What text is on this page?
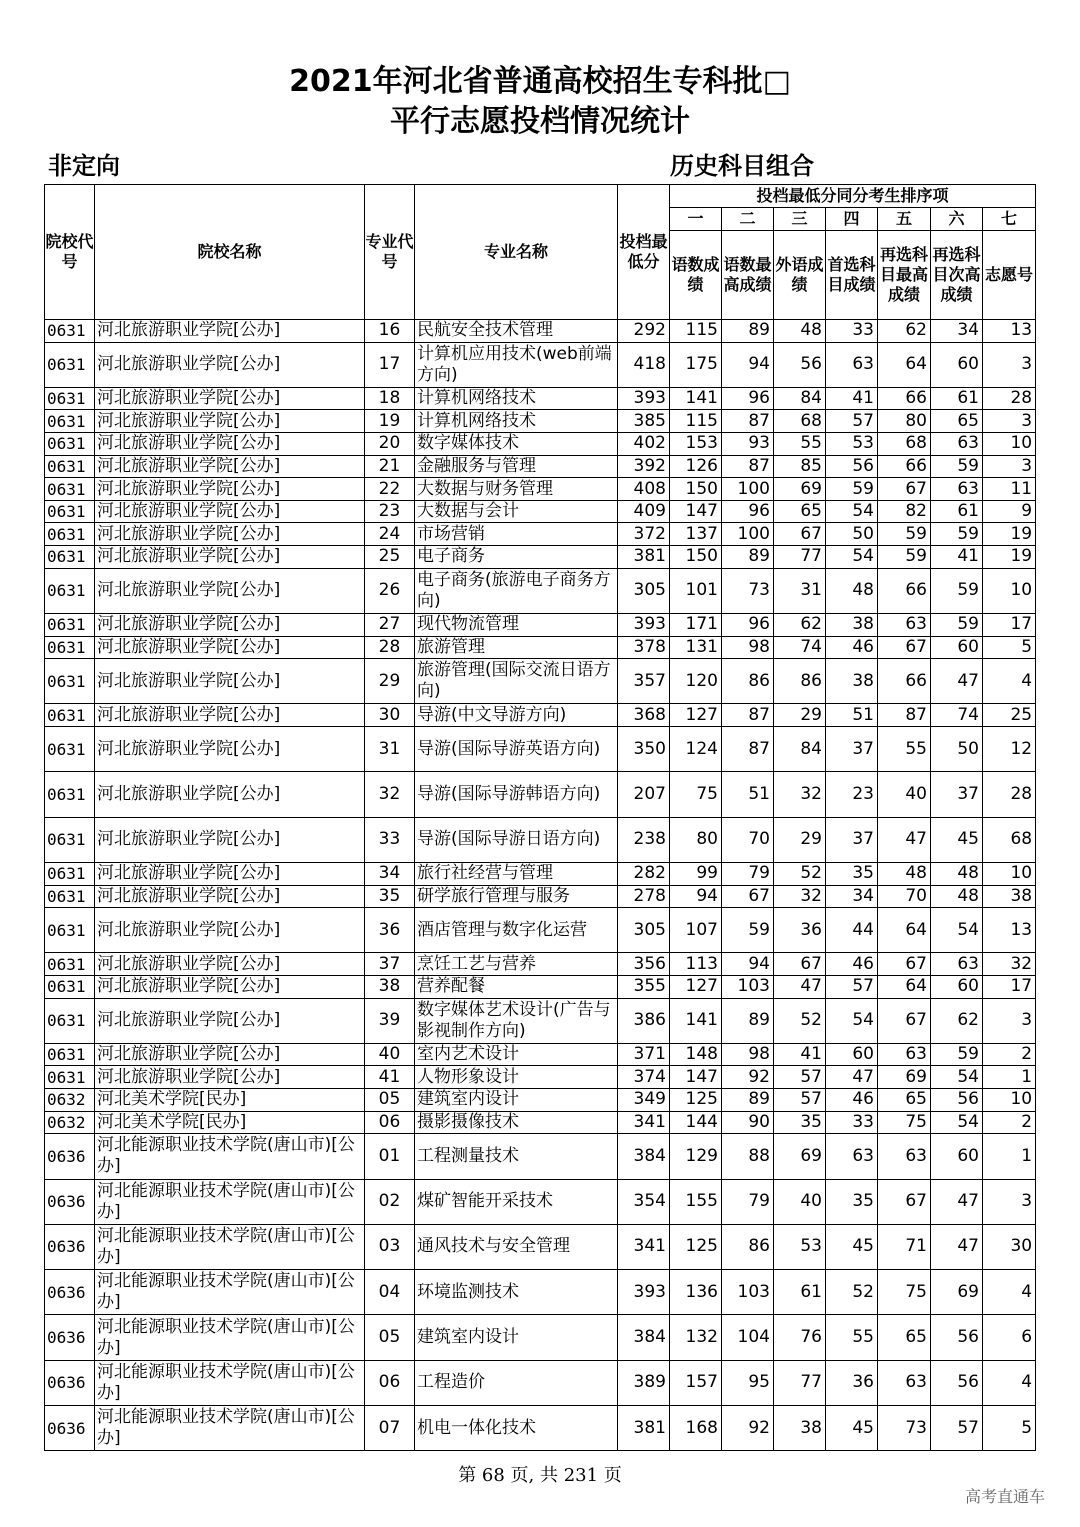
2021年河北省普通高校招生专科批□
平行志愿投档情况统计
非定向	历史科目组合
院校代号	院校名称	专业代号	专业名称	投档最低分	投档最低分同分考生排序项						
					一	二	三	四	五	六	七
					语数成绩	语数最高成绩	外语成绩	首选科目成绩	再选科目最高成绩	再选科目次高成绩	志愿号
0631	河北旅游职业学院[公办]	16	民航安全技术管理	292	115	89	48	33	62	34	13
0631	河北旅游职业学院[公办]	17	计算机应用技术(web前端方向)	418	175	94	56	63	64	60	3
0631	河北旅游职业学院[公办]	18	计算机网络技术	393	141	96	84	41	66	61	28
0631	河北旅游职业学院[公办]	19	计算机网络技术	385	115	87	68	57	80	65	3
0631	河北旅游职业学院[公办]	20	数字媒体技术	402	153	93	55	53	68	63	10
0631	河北旅游职业学院[公办]	21	金融服务与管理	392	126	87	85	56	66	59	3
0631	河北旅游职业学院[公办]	22	大数据与财务管理	408	150	100	69	59	67	63	11
0631	河北旅游职业学院[公办]	23	大数据与会计	409	147	96	65	54	82	61	9
0631	河北旅游职业学院[公办]	24	市场营销	372	137	100	67	50	59	59	19
0631	河北旅游职业学院[公办]	25	电子商务	381	150	89	77	54	59	41	19
0631	河北旅游职业学院[公办]	26	电子商务(旅游电子商务方向)	305	101	73	31	48	66	59	10
0631	河北旅游职业学院[公办]	27	现代物流管理	393	171	96	62	38	63	59	17
0631	河北旅游职业学院[公办]	28	旅游管理	378	131	98	74	46	67	60	5
0631	河北旅游职业学院[公办]	29	旅游管理(国际交流日语方向)	357	120	86	86	38	66	47	4
0631	河北旅游职业学院[公办]	30	导游(中文导游方向)	368	127	87	29	51	87	74	25
0631	河北旅游职业学院[公办]	31	导游(国际导游英语方向)	350	124	87	84	37	55	50	12
0631	河北旅游职业学院[公办]	32	导游(国际导游韩语方向)	207	75	51	32	23	40	37	28
0631	河北旅游职业学院[公办]	33	导游(国际导游日语方向)	238	80	70	29	37	47	45	68
0631	河北旅游职业学院[公办]	34	旅行社经营与管理	282	99	79	52	35	48	48	10
0631	河北旅游职业学院[公办]	35	研学旅行管理与服务	278	94	67	32	34	70	48	38
0631	河北旅游职业学院[公办]	36	酒店管理与数字化运营	305	107	59	36	44	64	54	13
0631	河北旅游职业学院[公办]	37	烹饪工艺与营养	356	113	94	67	46	67	63	32
0631	河北旅游职业学院[公办]	38	营养配餐	355	127	103	47	57	64	60	17
0631	河北旅游职业学院[公办]	39	数字媒体艺术设计(广告与影视制作方向)	386	141	89	52	54	67	62	3
0631	河北旅游职业学院[公办]	40	室内艺术设计	371	148	98	41	60	63	59	2
0631	河北旅游职业学院[公办]	41	人物形象设计	374	147	92	57	47	69	54	1
0632	河北美术学院[民办]	05	建筑室内设计	349	125	89	57	46	65	56	10
0632	河北美术学院[民办]	06	摄影摄像技术	341	144	90	35	33	75	54	2
0636	河北能源职业技术学院(唐山市)[公办]	01	工程测量技术	384	129	88	69	63	63	60	1
0636	河北能源职业技术学院(唐山市)[公办]	02	煤矿智能开采技术	354	155	79	40	35	67	47	3
0636	河北能源职业技术学院(唐山市)[公办]	03	通风技术与安全管理	341	125	86	53	45	71	47	30
0636	河北能源职业技术学院(唐山市)[公办]	04	环境监测技术	393	136	103	61	52	75	69	4
0636	河北能源职业技术学院(唐山市)[公办]	05	建筑室内设计	384	132	104	76	55	65	56	6
0636	河北能源职业技术学院(唐山市)[公办]	06	工程造价	389	157	95	77	36	63	56	4
0636	河北能源职业技术学院(唐山市)[公办]	07	机电一体化技术	381	168	92	38	45	73	57	5
第 68 页, 共 231 页
高考直通车
